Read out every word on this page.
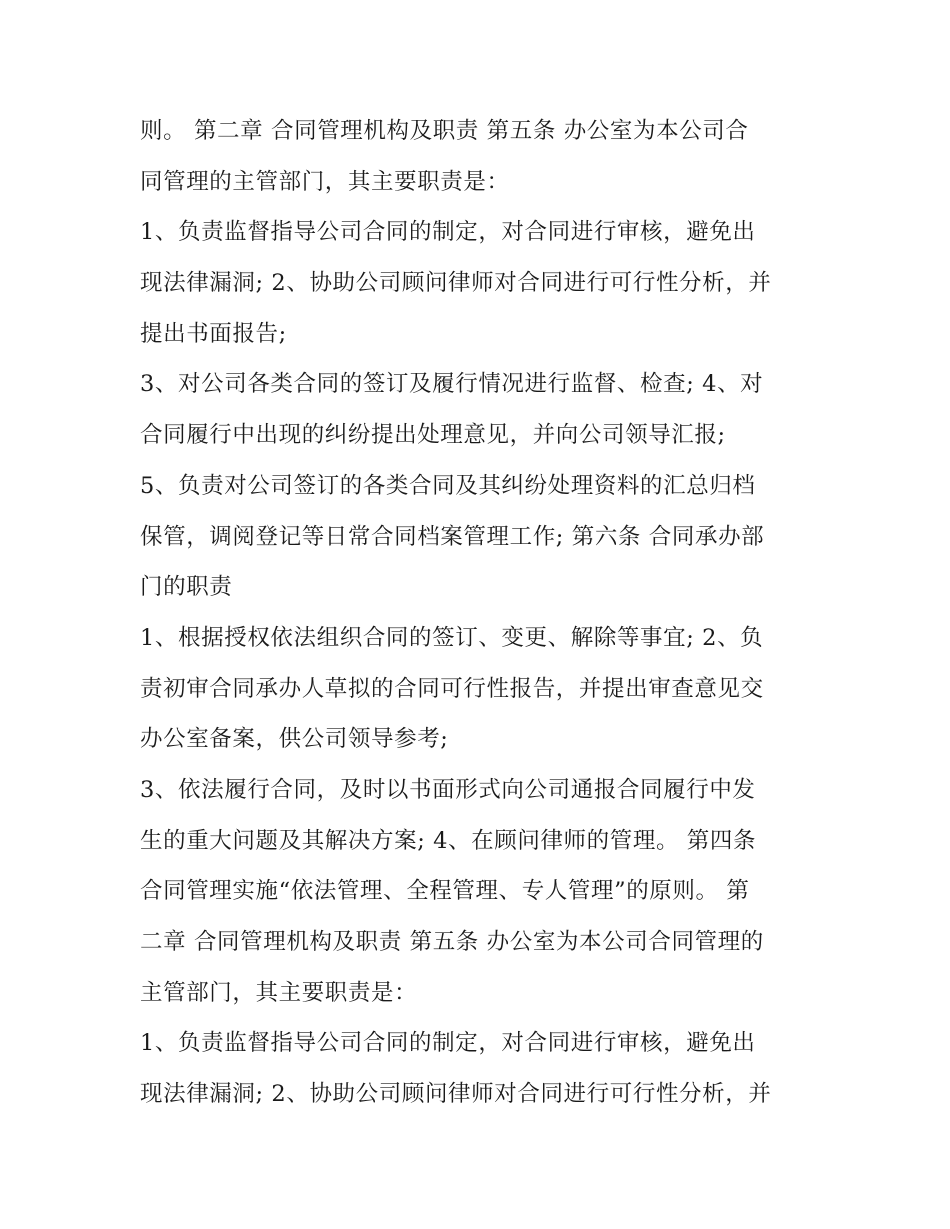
则。 第二章 合同管理机构及职责 第五条 办公室为本公司合
同管理的主管部门，其主要职责是：
1、负责监督指导公司合同的制定，对合同进行审核，避免出
现法律漏洞; 2、协助公司顾问律师对合同进行可行性分析，并
提出书面报告;
3、对公司各类合同的签订及履行情况进行监督、检查; 4、对
合同履行中出现的纠纷提出处理意见，并向公司领导汇报;
5、负责对公司签订的各类合同及其纠纷处理资料的汇总归档
保管，调阅登记等日常合同档案管理工作; 第六条 合同承办部
门的职责
1、根据授权依法组织合同的签订、变更、解除等事宜; 2、负
责初审合同承办人草拟的合同可行性报告，并提出审查意见交
办公室备案，供公司领导参考;
3、依法履行合同，及时以书面形式向公司通报合同履行中发
生的重大问题及其解决方案; 4、在顾问律师的管理。 第四条
合同管理实施“依法管理、全程管理、专人管理”的原则。 第
二章 合同管理机构及职责 第五条 办公室为本公司合同管理的
主管部门，其主要职责是：
1、负责监督指导公司合同的制定，对合同进行审核，避免出
现法律漏洞; 2、协助公司顾问律师对合同进行可行性分析，并
